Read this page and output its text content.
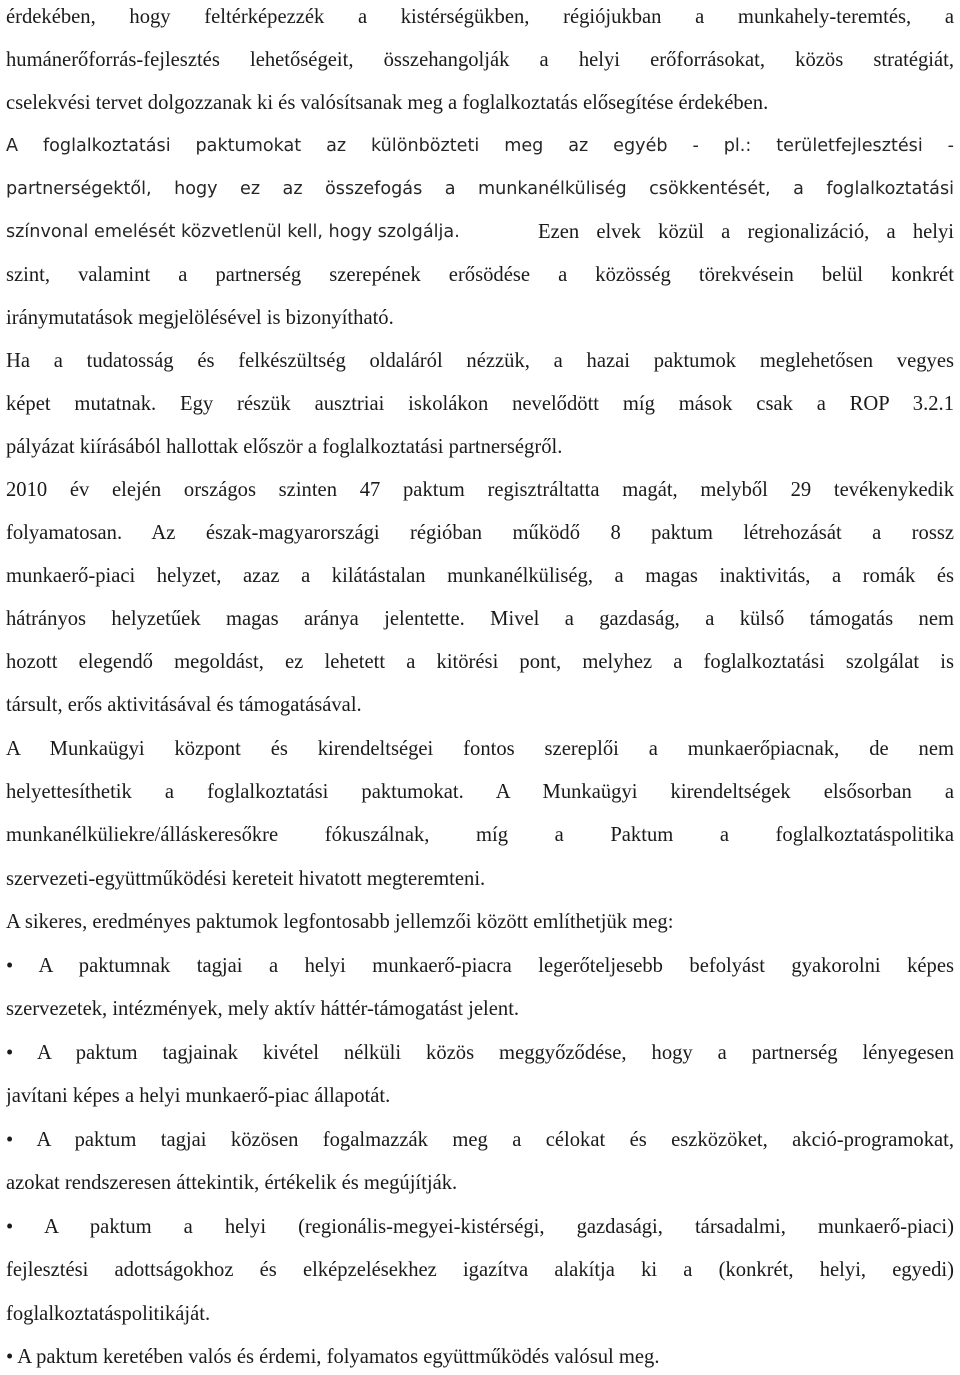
érdekében, hogy feltérképezzék a kistérségükben, régiójukban a munkahely-teremtés, a
humánerőforrás-fejlesztés lehetőségeit, összehangolják a helyi erőforrásokat, közös stratégiát,
cselekvési tervet dolgozzanak ki és valósítsanak meg a foglalkoztatás elősegítése érdekében.
A foglalkoztatási paktumokat az különbözteti meg az egyéb - pl.: területfejlesztési -
partnerségektől, hogy ez az összefogás a munkanélküliség csökkentését, a foglalkoztatási
színvonal emelését közvetlenül kell, hogy szolgálja.	Ezen elvek közül a regionalizáció, a helyi
szint, valamint a partnerség szerepének erősödése a közösség törekvésein belül konkrét
iránymutatások megjelölésével is bizonyítható.
Ha a tudatosság és felkészültség oldaláról nézzük, a hazai paktumok meglehetősen vegyes
képet mutatnak. Egy részük ausztriai iskolákon nevelődött míg mások csak a ROP 3.2.1
pályázat kiírásából hallottak először a foglalkoztatási partnerségről.
2010 év elején országos szinten 47 paktum regisztráltatta magát, melyből 29 tevékenykedik
folyamatosan. Az észak-magyarországi régióban működő 8 paktum létrehozását a rossz
munkaerő-piaci helyzet, azaz a kilátástalan munkanélküliség, a magas inaktivitás, a romák és
hátrányos helyzetűek magas aránya jelentette. Mivel a gazdaság, a külső támogatás nem
hozott elegendő megoldást, ez lehetett a kitörési pont, melyhez a foglalkoztatási szolgálat is
társult, erős aktivitásával és támogatásával.
A Munkaügyi központ és kirendeltségei fontos szereplői a munkaerőpiacnak, de nem
helyettesíthetik a foglalkoztatási paktumokat. A Munkaügyi kirendeltségek elsősorban a
munkanélküliekre/álláskeresőkre fókuszálnak, míg a Paktum a foglalkoztatáspolitika
szervezeti-együttműködési kereteit hivatott megteremteni.
A sikeres, eredményes paktumok legfontosabb jellemzői között említhetjük meg:
• A paktumnak tagjai a helyi munkaerő-piacra legerőteljesebb befolyást gyakorolni képes
szervezetek, intézmények, mely aktív háttér-támogatást jelent.
• A paktum tagjainak kivétel nélküli közös meggyőződése, hogy a partnerség lényegesen
javítani képes a helyi munkaerő-piac állapotát.
• A paktum tagjai közösen fogalmazzák meg a célokat és eszközöket, akció-programokat,
azokat rendszeresen áttekintik, értékelik és megújítják.
• A paktum a helyi (regionális-megyei-kistérségi, gazdasági, társadalmi, munkaerő-piaci)
fejlesztési adottságokhoz és elképzelésekhez igazítva alakítja ki a (konkrét, helyi, egyedi)
foglalkoztatáspolitikáját.
• A paktum keretében valós és érdemi, folyamatos együttműködés valósul meg.
